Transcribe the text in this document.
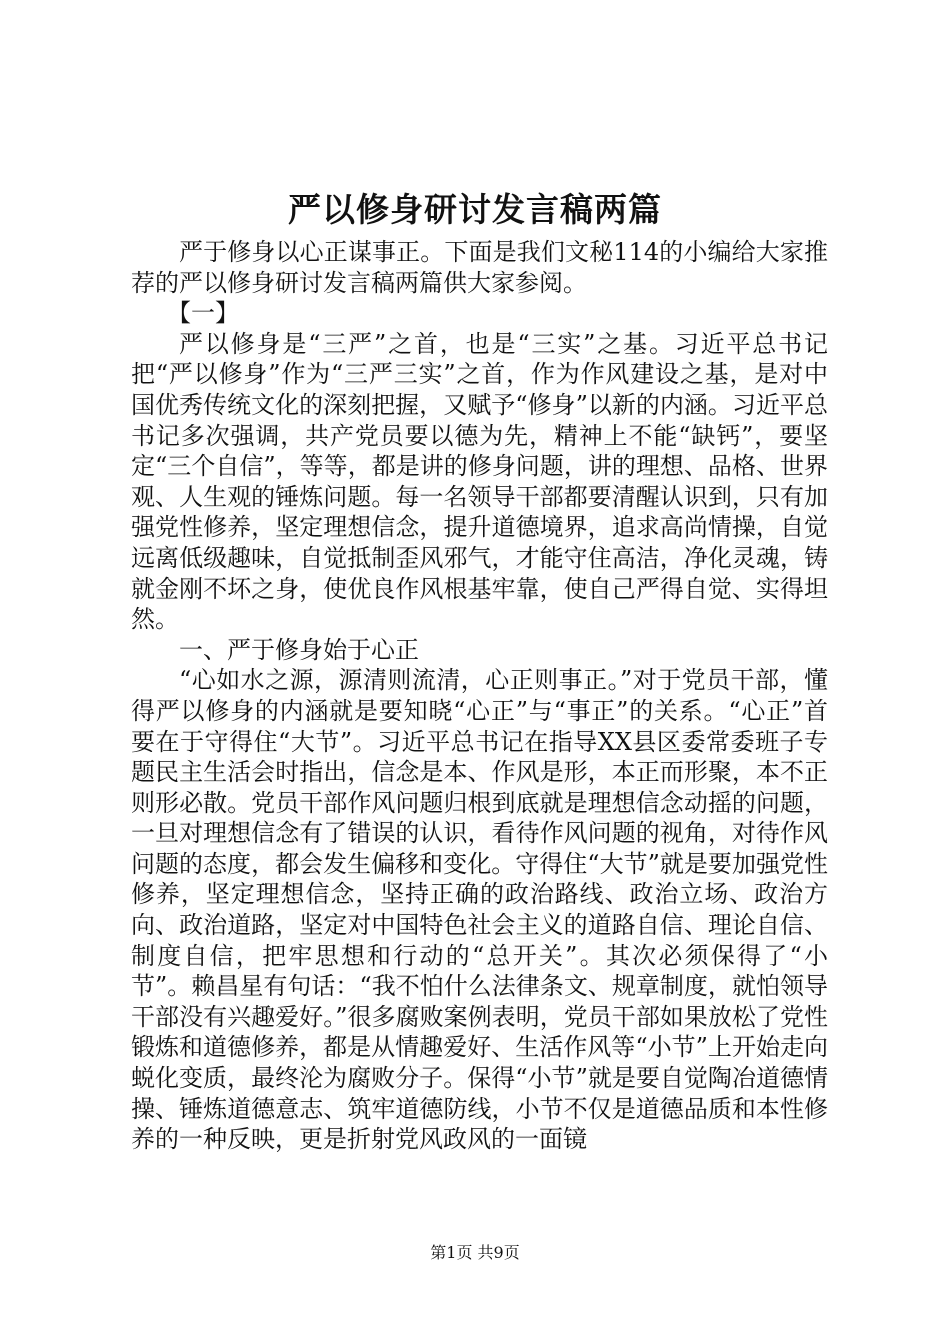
严以修身研讨发言稿两篇

严于修身以心正谋事正。下面是我们文秘114的小编给大家推荐的严以修身研讨发言稿两篇供大家参阅。

【一】

严以修身是“三严”之首，也是“三实”之基。习近平总书记把“严以修身”作为“三严三实”之首，作为作风建设之基，是对中国优秀传统文化的深刻把握，又赋予“修身”以新的内涵。习近平总书记多次强调，共产党员要以德为先，精神上不能“缺钙”，要坚定“三个自信”，等等，都是讲的修身问题，讲的理想、品格、世界观、人生观的锤炼问题。每一名领导干部都要清醒认识到，只有加强党性修养，坚定理想信念，提升道德境界，追求高尚情操，自觉远离低级趣味，自觉抵制歪风邪气，才能守住高洁，净化灵魂，铸就金刚不坏之身，使优良作风根基牢靠，使自己严得自觉、实得坦然。

一、严于修身始于心正

“心如水之源，源清则流清，心正则事正。”对于党员干部，懂得严以修身的内涵就是要知晓“心正”与“事正”的关系。“心正”首要在于守得住“大节”。习近平总书记在指导XX县区委常委班子专题民主生活会时指出，信念是本、作风是形，本正而形聚，本不正则形必散。党员干部作风问题归根到底就是理想信念动摇的问题，一旦对理想信念有了错误的认识，看待作风问题的视角，对待作风问题的态度，都会发生偏移和变化。守得住“大节”就是要加强党性修养，坚定理想信念，坚持正确的政治路线、政治立场、政治方向、政治道路，坚定对中国特色社会主义的道路自信、理论自信、制度自信，把牢思想和行动的“总开关”。其次必须保得了“小节”。赖昌星有句话：“我不怕什么法律条文、规章制度，就怕领导干部没有兴趣爱好。”很多腐败案例表明，党员干部如果放松了党性锻炼和道德修养，都是从情趣爱好、生活作风等“小节”上开始走向蜕化变质，最终沦为腐败分子。保得“小节”就是要自觉陶冶道德情操、锤炼道德意志、筑牢道德防线，小节不仅是道德品质和本性修养的一种反映，更是折射党风政风的一面镜

第1页 共9页
